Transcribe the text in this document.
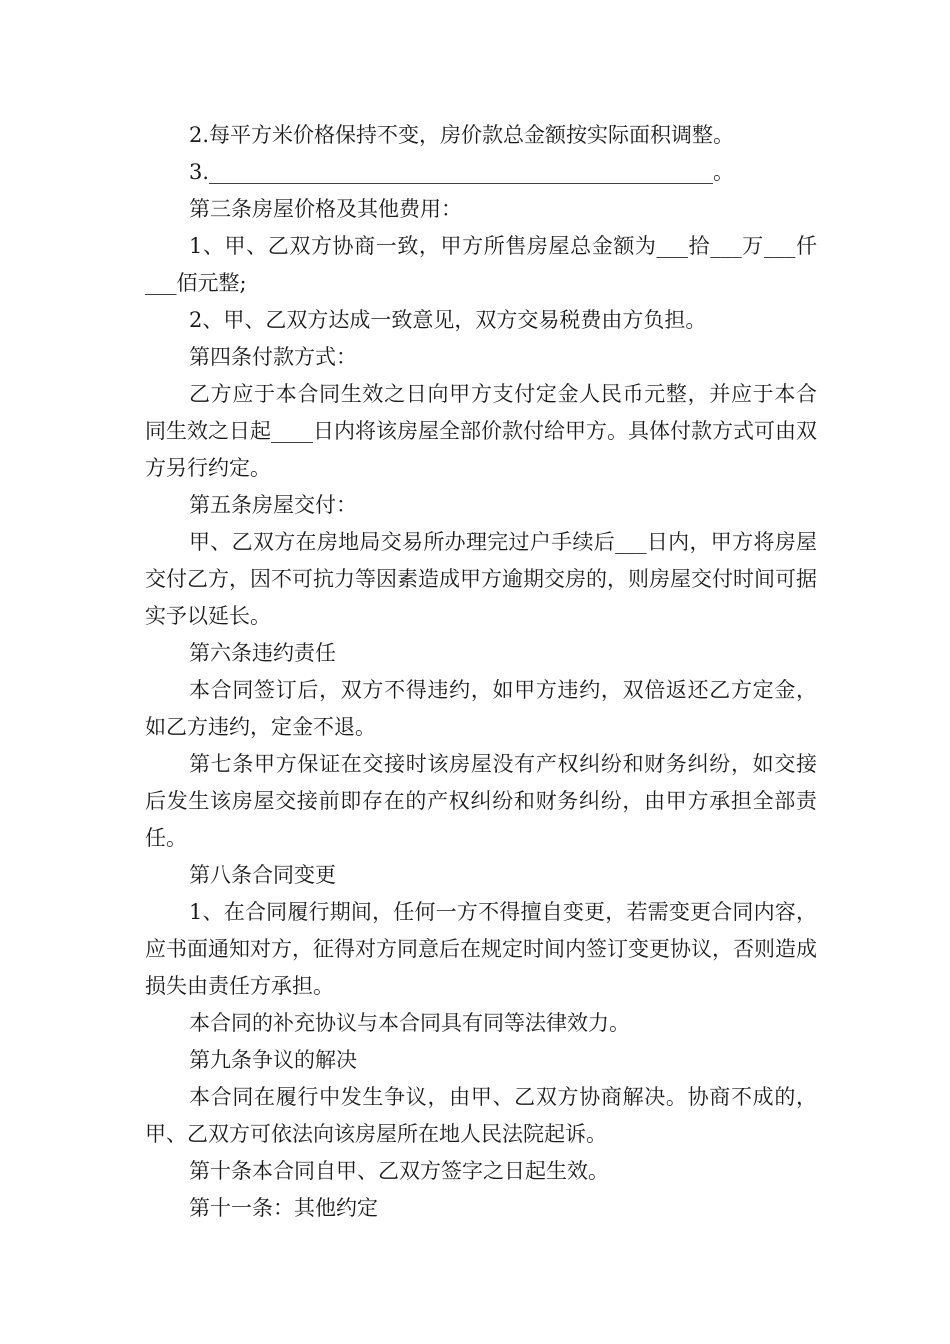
2.每平方米价格保持不变，房价款总金额按实际面积调整。

3.________________________________________________。

第三条房屋价格及其他费用：

1、甲、乙双方协商一致，甲方所售房屋总金额为___拾___万___仟___佰元整;

2、甲、乙双方达成一致意见，双方交易税费由方负担。

第四条付款方式：

乙方应于本合同生效之日向甲方支付定金人民币元整，并应于本合同生效之日起____日内将该房屋全部价款付给甲方。具体付款方式可由双方另行约定。

第五条房屋交付：

甲、乙双方在房地局交易所办理完过户手续后___日内，甲方将房屋交付乙方，因不可抗力等因素造成甲方逾期交房的，则房屋交付时间可据实予以延长。

第六条违约责任

本合同签订后，双方不得违约，如甲方违约，双倍返还乙方定金，如乙方违约，定金不退。

第七条甲方保证在交接时该房屋没有产权纠纷和财务纠纷，如交接后发生该房屋交接前即存在的产权纠纷和财务纠纷，由甲方承担全部责任。

第八条合同变更

1、在合同履行期间，任何一方不得擅自变更，若需变更合同内容，应书面通知对方，征得对方同意后在规定时间内签订变更协议，否则造成损失由责任方承担。

本合同的补充协议与本合同具有同等法律效力。

第九条争议的解决

本合同在履行中发生争议，由甲、乙双方协商解决。协商不成的，甲、乙双方可依法向该房屋所在地人民法院起诉。

第十条本合同自甲、乙双方签字之日起生效。

第十一条：其他约定
